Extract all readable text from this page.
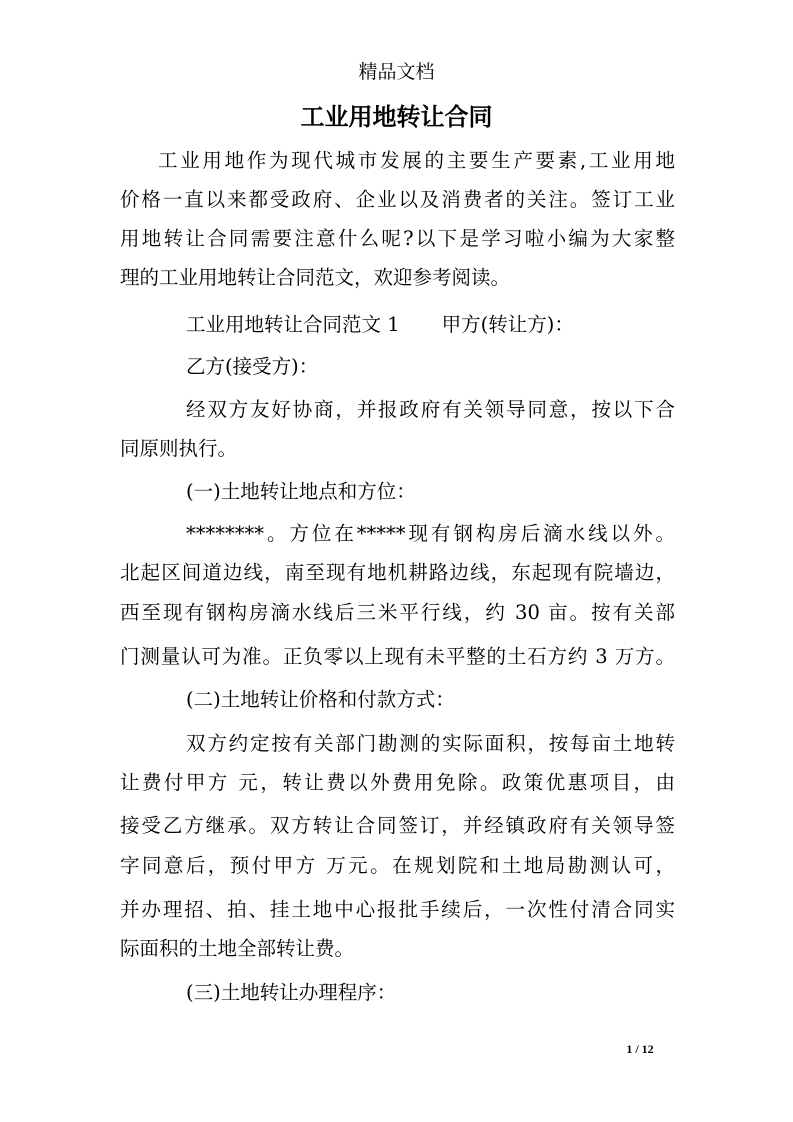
精品文档
工业用地转让合同
工业用地作为现代城市发展的主要生产要素,工业用地
价格一直以来都受政府、企业以及消费者的关注。签订工业
用地转让合同需要注意什么呢?以下是学习啦小编为大家整
理的工业用地转让合同范文，欢迎参考阅读。
工业用地转让合同范文 1 甲方(转让方)：
乙方(接受方)：
经双方友好协商，并报政府有关领导同意，按以下合
同原则执行。
(一)土地转让地点和方位：
********。方位在*****现有钢构房后滴水线以外。
北起区间道边线，南至现有地机耕路边线，东起现有院墙边，
西至现有钢构房滴水线后三米平行线，约 30 亩。按有关部
门测量认可为准。正负零以上现有未平整的土石方约 3 万方。
(二)土地转让价格和付款方式：
双方约定按有关部门勘测的实际面积，按每亩土地转
让费付甲方 元，转让费以外费用免除。政策优惠项目，由
接受乙方继承。双方转让合同签订，并经镇政府有关领导签
字同意后，预付甲方 万元。在规划院和土地局勘测认可，
并办理招、拍、挂土地中心报批手续后，一次性付清合同实
际面积的土地全部转让费。
(三)土地转让办理程序：
1 / 12
